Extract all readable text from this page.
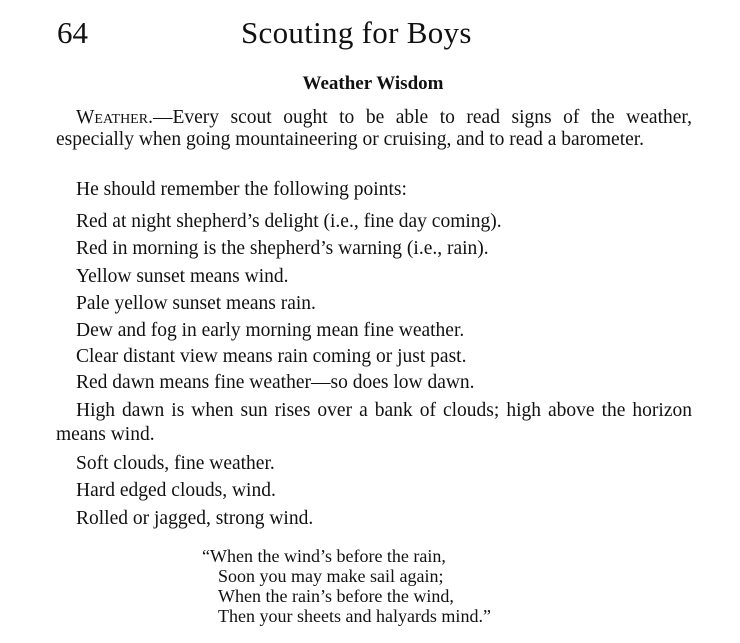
64	Scouting for Boys
Weather Wisdom
Weather.—Every scout ought to be able to read signs of the weather, especially when going mountaineering or cruising, and to read a barometer.
He should remember the following points:
Red at night shepherd’s delight (i.e., fine day coming).
Red in morning is the shepherd’s warning (i.e., rain).
Yellow sunset means wind.
Pale yellow sunset means rain.
Dew and fog in early morning mean fine weather.
Clear distant view means rain coming or just past.
Red dawn means fine weather—so does low dawn.
High dawn is when sun rises over a bank of clouds; high above the horizon means wind.
Soft clouds, fine weather.
Hard edged clouds, wind.
Rolled or jagged, strong wind.
“When the wind’s before the rain,
Soon you may make sail again;
When the rain’s before the wind,
Then your sheets and halyards mind.”
